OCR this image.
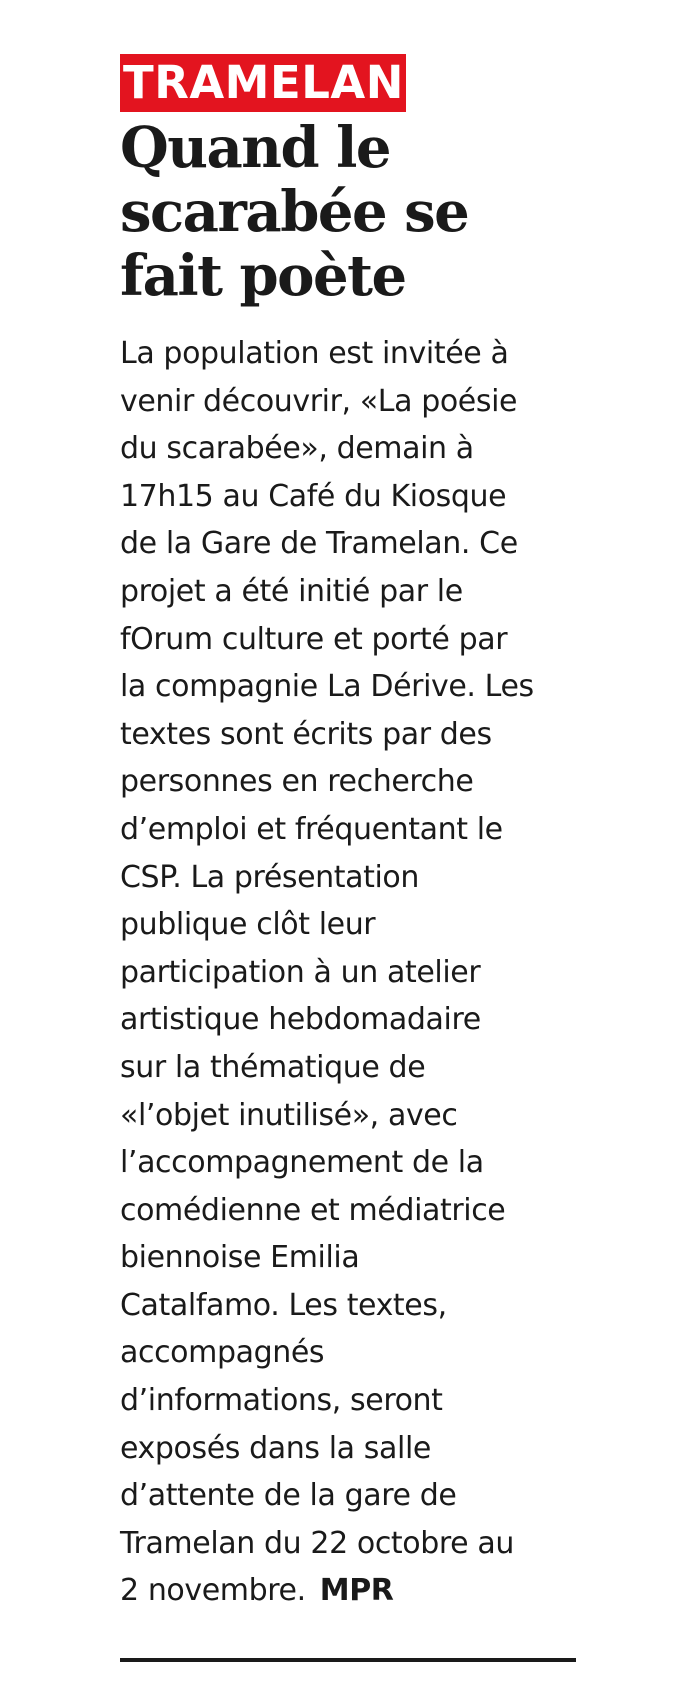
TRAMELAN
Quand le
scarabée se
fait poète
La population est invitée à
venir découvrir, «La poésie
du scarabée», demain à
17h15 au Café du Kiosque
de la Gare de Tramelan. Ce
projet a été initié par le
fOrum culture et porté par
la compagnie La Dérive. Les
textes sont écrits par des
personnes en recherche
d’emploi et fréquentant le
CSP. La présentation
publique clôt leur
participation à un atelier
artistique hebdomadaire
sur la thématique de
«l’objet inutilisé», avec
l’accompagnement de la
comédienne et médiatrice
biennoise Emilia
Catalfamo. Les textes,
accompagnés
d’informations, seront
exposés dans la salle
d’attente de la gare de
Tramelan du 22 octobre au
2 novembre. MPR
